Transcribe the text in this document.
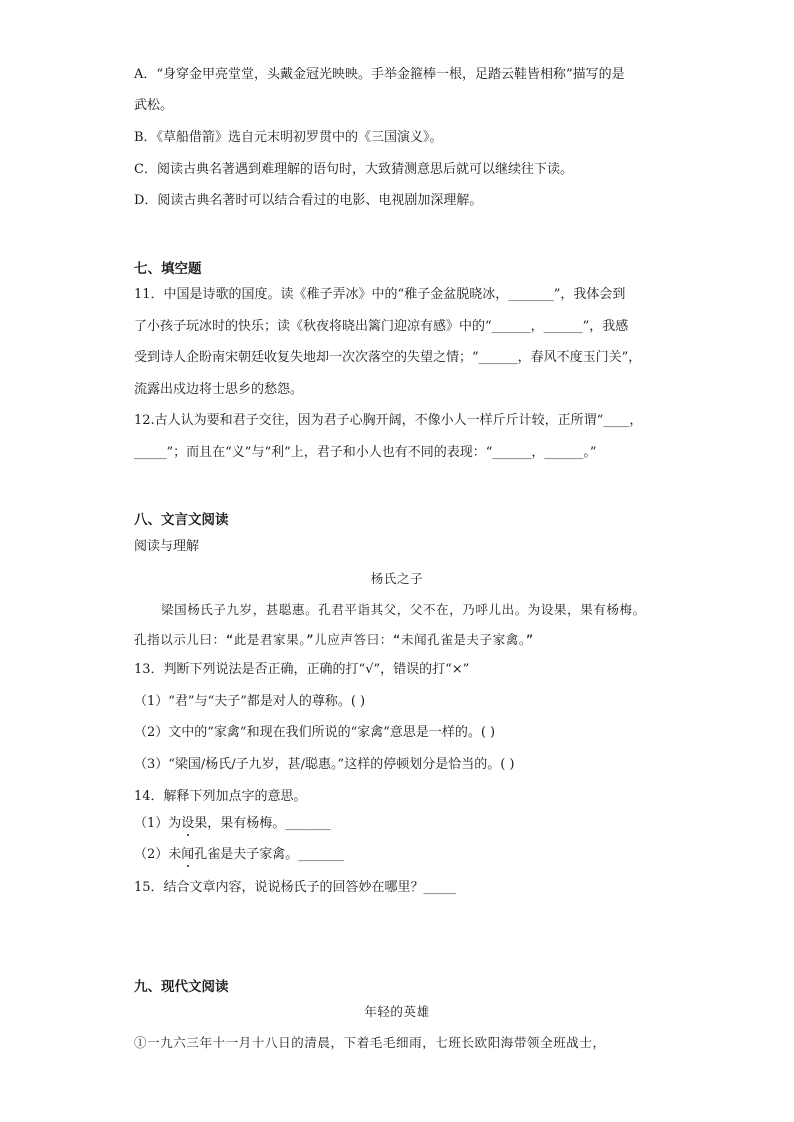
A．“身穿金甲亮堂堂，头戴金冠光映映。手举金箍棒一根，足踏云鞋皆相称”描写的是
武松。
B．《草船借箭》选自元末明初罗贯中的《三国演义》。
C．阅读古典名著遇到难理解的语句时，大致猜测意思后就可以继续往下读。
D．阅读古典名著时可以结合看过的电影、电视剧加深理解。
七、填空题
11．中国是诗歌的国度。读《稚子弄冰》中的“稚子金盆脱晓冰，_______”，我体会到
了小孩子玩冰时的快乐；读《秋夜将晓出篱门迎凉有感》中的“______，______”，我感
受到诗人企盼南宋朝廷收复失地却一次次落空的失望之情；“______，春风不度玉门关”，
流露出戍边将士思乡的愁怨。
12.古人认为要和君子交往，因为君子心胸开阔，不像小人一样斤斤计较，正所谓“____，
_____”；而且在“义”与“利”上，君子和小人也有不同的表现：“______，______。”
八、文言文阅读
阅读与理解
杨氏之子
梁国杨氏子九岁，甚聪惠。孔君平诣其父，父不在，乃呼儿出。为设果，果有杨梅。
孔指以示儿曰：“此是君家果。”儿应声答曰：“未闻孔雀是夫子家禽。”
13．判断下列说法是否正确，正确的打“√”，错误的打“×”
（1）“君”与“夫子”都是对人的尊称。( )
（2）文中的“家禽”和现在我们所说的“家禽”意思是一样的。( )
（3）“梁国/杨氏/子九岁，甚/聪惠。”这样的停顿划分是恰当的。( )
14．解释下列加点字的意思。
（1）为设果，果有杨梅。_______
（2）未闻孔雀是夫子家禽。_______
15．结合文章内容，说说杨氏子的回答妙在哪里？_____
九、现代文阅读
年轻的英雄
①一九六三年十一月十八日的清晨，下着毛毛细雨，七班长欧阳海带领全班战士，
